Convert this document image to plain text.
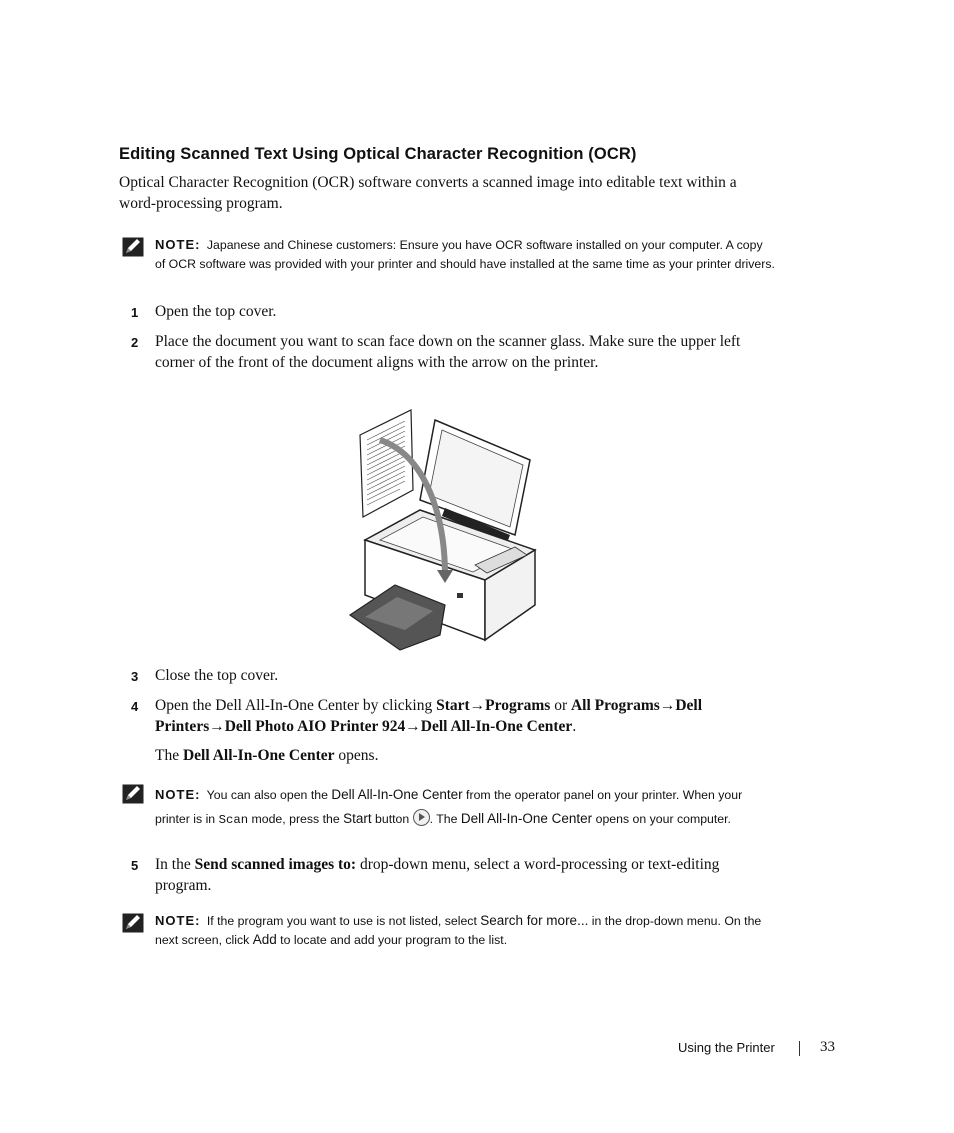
Editing Scanned Text Using Optical Character Recognition (OCR)
Optical Character Recognition (OCR) software converts a scanned image into editable text within a word-processing program.
NOTE: Japanese and Chinese customers: Ensure you have OCR software installed on your computer. A copy of OCR software was provided with your printer and should have installed at the same time as your printer drivers.
1	Open the top cover.
2	Place the document you want to scan face down on the scanner glass. Make sure the upper left corner of the front of the document aligns with the arrow on the printer.
3	Close the top cover.
4	Open the Dell All-In-One Center by clicking Start→Programs or All Programs→Dell Printers→Dell Photo AIO Printer 924→Dell All-In-One Center.
The Dell All-In-One Center opens.
NOTE: You can also open the Dell All-In-One Center from the operator panel on your printer. When your printer is in Scan mode, press the Start button . The Dell All-In-One Center opens on your computer.
5	In the Send scanned images to: drop-down menu, select a word-processing or text-editing program.
NOTE: If the program you want to use is not listed, select Search for more... in the drop-down menu. On the next screen, click Add to locate and add your program to the list.
Using the Printer	33
